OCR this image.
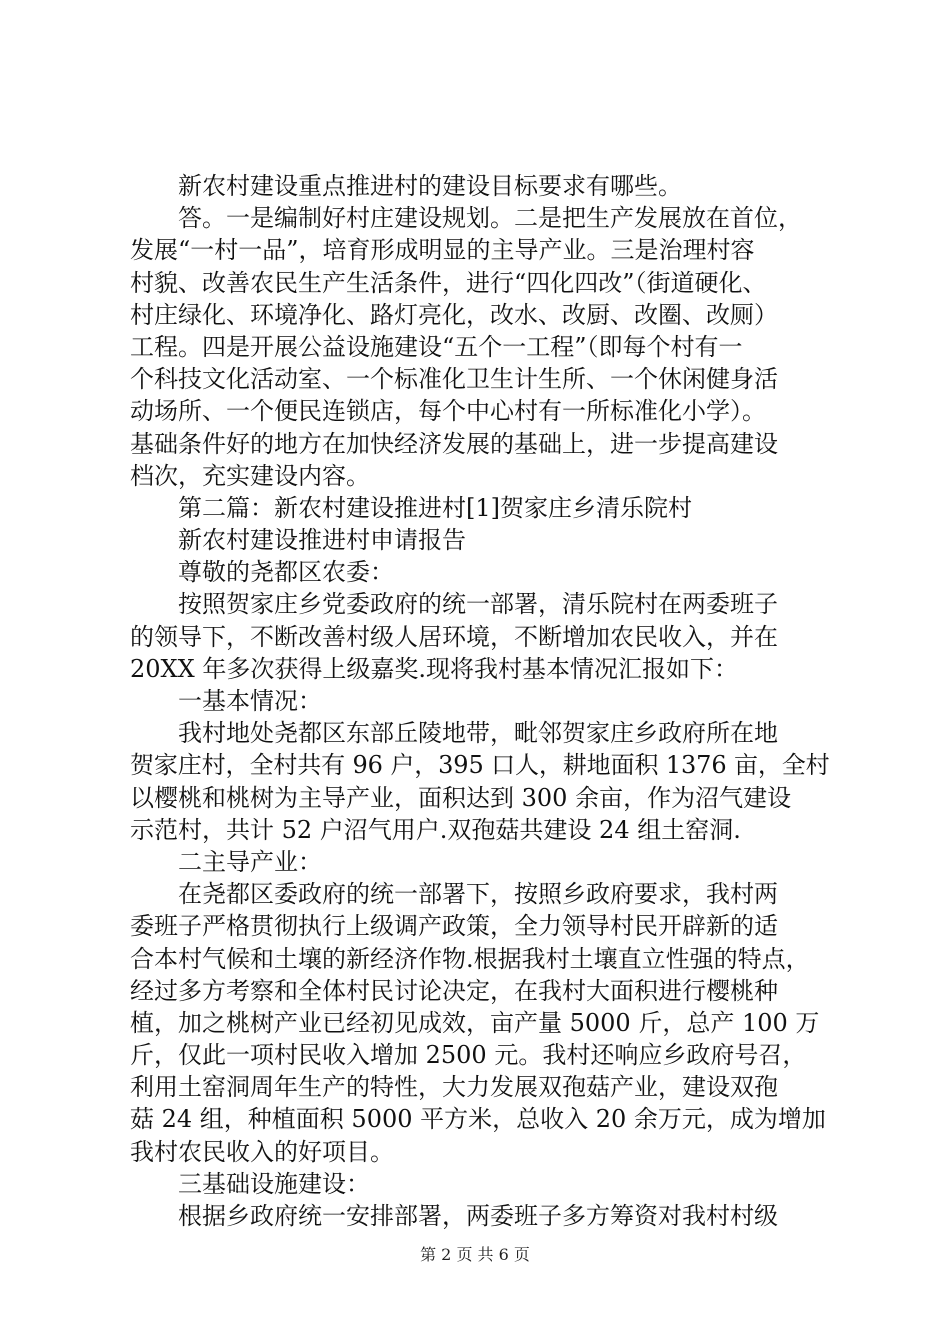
新农村建设重点推进村的建设目标要求有哪些。
答。一是编制好村庄建设规划。二是把生产发展放在首位，
发展“一村一品”，培育形成明显的主导产业。三是治理村容
村貌、改善农民生产生活条件，进行“四化四改”（街道硬化、
村庄绿化、环境净化、路灯亮化，改水、改厨、改圈、改厕）
工程。四是开展公益设施建设“五个一工程”（即每个村有一
个科技文化活动室、一个标准化卫生计生所、一个休闲健身活
动场所、一个便民连锁店，每个中心村有一所标准化小学）。
基础条件好的地方在加快经济发展的基础上，进一步提高建设
档次，充实建设内容。
第二篇：新农村建设推进村[1]贺家庄乡清乐院村
新农村建设推进村申请报告
尊敬的尧都区农委：
按照贺家庄乡党委政府的统一部署，清乐院村在两委班子
的领导下，不断改善村级人居环境，不断增加农民收入，并在
20XX 年多次获得上级嘉奖.现将我村基本情况汇报如下：
一基本情况：
我村地处尧都区东部丘陵地带，毗邻贺家庄乡政府所在地
贺家庄村，全村共有 96 户，395 口人，耕地面积 1376 亩，全村
以樱桃和桃树为主导产业，面积达到 300 余亩，作为沼气建设
示范村，共计 52 户沼气用户.双孢菇共建设 24 组土窑洞.
二主导产业：
在尧都区委政府的统一部署下，按照乡政府要求，我村两
委班子严格贯彻执行上级调产政策，全力领导村民开辟新的适
合本村气候和土壤的新经济作物.根据我村土壤直立性强的特点，
经过多方考察和全体村民讨论决定，在我村大面积进行樱桃种
植，加之桃树产业已经初见成效，亩产量 5000 斤，总产 100 万
斤，仅此一项村民收入增加 2500 元。我村还响应乡政府号召，
利用土窑洞周年生产的特性，大力发展双孢菇产业，建设双孢
菇 24 组，种植面积 5000 平方米，总收入 20 余万元，成为增加
我村农民收入的好项目。
三基础设施建设：
根据乡政府统一安排部署，两委班子多方筹资对我村村级
第 2 页 共 6 页
